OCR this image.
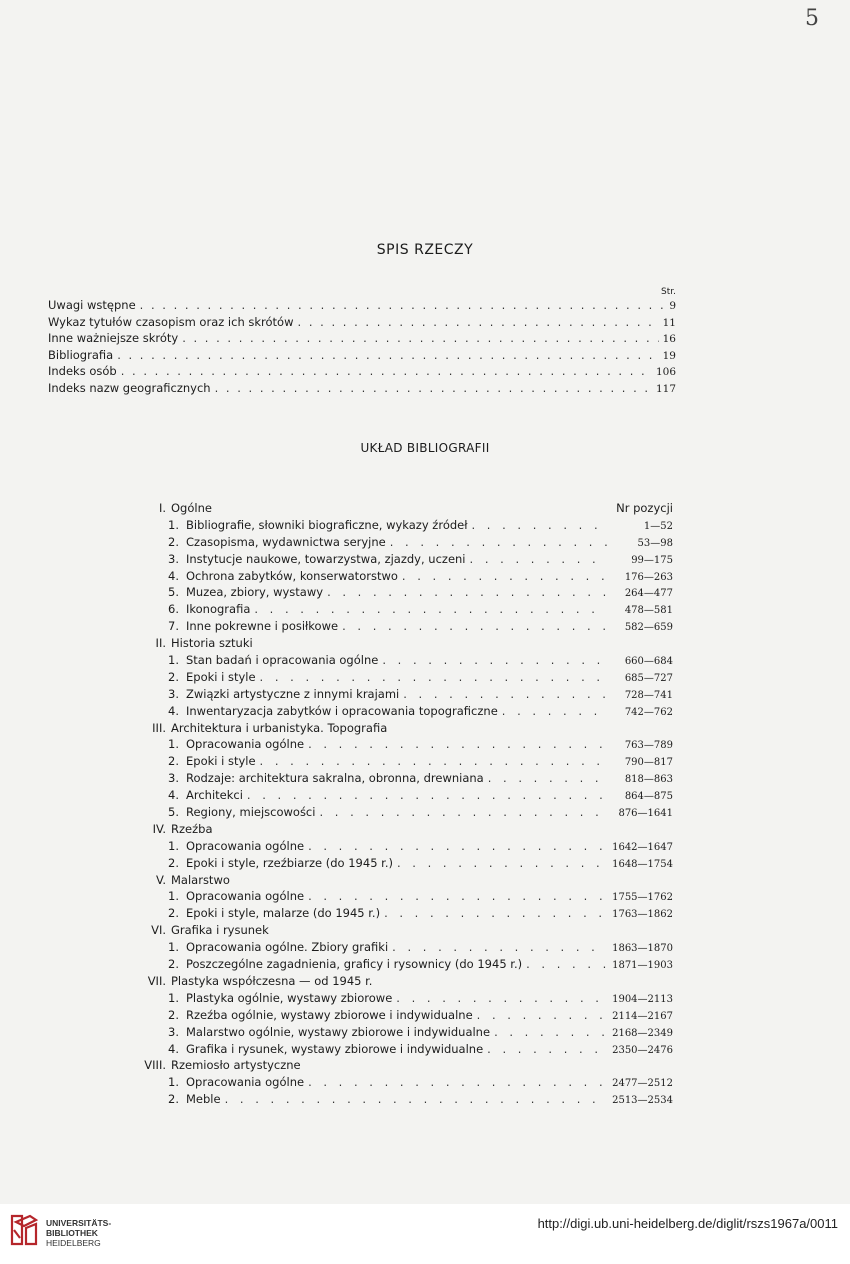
5
SPIS RZECZY
Str.
Uwagi wstępne . . .	9
Wykaz tytułów czasopism oraz ich skrótów . . .	11
Inne ważniejsze skróty . . .	16
Bibliografia . . .	19
Indeks osób . . .	106
Indeks nazw geograficznych . . .	117
UKŁAD BIBLIOGRAFII
I. Ogólne	Nr pozycji
1. Bibliografie, słowniki biograficzne, wykazy źródeł . . .	1—52
2. Czasopisma, wydawnictwa seryjne . . .	53—98
3. Instytucje naukowe, towarzystwa, zjazdy, uczeni . . .	99—175
4. Ochrona zabytków, konserwatorstwo . . .	176—263
5. Muzea, zbiory, wystawy . . .	264—477
6. Ikonografia . . .	478—581
7. Inne pokrewne i posiłkowe . . .	582—659
II. Historia sztuki
1. Stan badań i opracowania ogólne . . .	660—684
2. Epoki i style . . .	685—727
3. Związki artystyczne z innymi krajami . . .	728—741
4. Inwentaryzacja zabytków i opracowania topograficzne . . .	742—762
III. Architektura i urbanistyka. Topografia
1. Opracowania ogólne . . .	763—789
2. Epoki i style . . .	790—817
3. Rodzaje: architektura sakralna, obronna, drewniana . . .	818—863
4. Architekci . . .	864—875
5. Regiony, miejscowości . . .	876—1641
IV. Rzeźba
1. Opracowania ogólne . . .	1642—1647
2. Epoki i style, rzeźbiarze (do 1945 r.) . . .	1648—1754
V. Malarstwo
1. Opracowania ogólne . . .	1755—1762
2. Epoki i style, malarze (do 1945 r.) . . .	1763—1862
VI. Grafika i rysunek
1. Opracowania ogólne. Zbiory grafiki . . .	1863—1870
2. Poszczególne zagadnienia, graficy i rysownicy (do 1945 r.) . . .	1871—1903
VII. Plastyka współczesna — od 1945 r.
1. Plastyka ogólnie, wystawy zbiorowe . . .	1904—2113
2. Rzeźba ogólnie, wystawy zbiorowe i indywidualne . . .	2114—2167
3. Malarstwo ogólnie, wystawy zbiorowe i indywidualne . . .	2168—2349
4. Grafika i rysunek, wystawy zbiorowe i indywidualne . . .	2350—2476
VIII. Rzemiosło artystyczne
1. Opracowania ogólne . . .	2477—2512
2. Meble . . .	2513—2534
UNIVERSITÄTS-
BIBLIOTHEK
HEIDELBERG
http://digi.ub.uni-heidelberg.de/diglit/rszs1967a/0011
